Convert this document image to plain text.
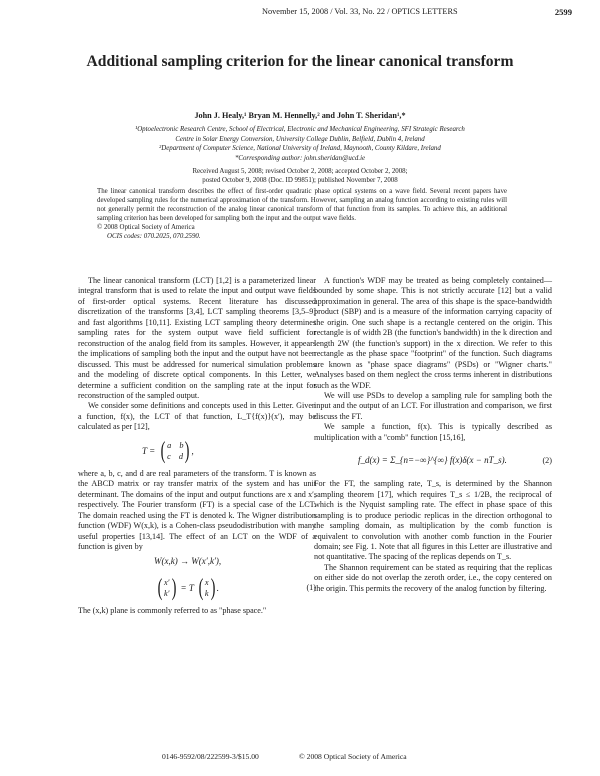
November 15, 2008 / Vol. 33, No. 22 / OPTICS LETTERS	2599
Additional sampling criterion for the linear canonical transform
John J. Healy,¹ Bryan M. Hennelly,² and John T. Sheridan¹,*
¹Optoelectronic Research Centre, School of Electrical, Electronic and Mechanical Engineering, SFI Strategic Research
Centre in Solar Energy Conversion, University College Dublin, Belfield, Dublin 4, Ireland
²Department of Computer Science, National University of Ireland, Maynooth, County Kildare, Ireland
*Corresponding author: john.sheridan@ucd.ie
Received August 5, 2008; revised October 2, 2008; accepted October 2, 2008;
posted October 9, 2008 (Doc. ID 99851); published November 7, 2008
The linear canonical transform describes the effect of first-order quadratic phase optical systems on a wave field. Several recent papers have developed sampling rules for the numerical approximation of the transform. However, sampling an analog function according to existing rules will not generally permit the reconstruction of the analog linear canonical transform of that function from its samples. To achieve this, an additional sampling criterion has been developed for sampling both the input and the output wave fields.
© 2008 Optical Society of America
OCIS codes: 070.2025, 070.2590.

The linear canonical transform (LCT) [1,2] is a parameterized linear integral transform that is used to relate the input and output wave fields of first-order optical systems. Recent literature has discussed discretization of the transforms [3,4], LCT sampling theorems [3,5–9] and fast algorithms [10,11]. Existing LCT sampling theory determines sampling rates for the system output wave field sufficient for reconstruction of the analog field from its samples. However, it appears the implications of sampling both the input and the output have not been discussed. This must be addressed for numerical simulation problems and the modeling of discrete optical components. In this Letter, we determine a sufficient condition on the sampling rate at the input for reconstruction of the sampled output.

We consider some definitions and concepts used in this Letter. Given a function, f(x), the LCT of that function, L_T{f(x)}(x′), may be calculated as per [12],

T = ( a b
c d ) ,

where a, b, c, and d are real parameters of the transform. T is known as the ABCD matrix or ray transfer matrix of the system and has unit determinant. The domains of the input and output functions are x and x′, respectively. The Fourier transform (FT) is a special case of the LCT. The domain reached using the FT is denoted k. The Wigner distribution function (WDF) W(x,k), is a Cohen-class pseudodistribution with many useful properties [13,14]. The effect of an LCT on the WDF of a function is given by

W(x,k) → W(x′,k′),
( x′
k′ ) = T ( x
k ) .	(1)

The (x,k) plane is commonly referred to as "phase space."

A function's WDF may be treated as being completely contained—bounded by some shape. This is not strictly accurate [12] but a valid approximation in general. The area of this shape is the space-bandwidth product (SBP) and is a measure of the information carrying capacity of the origin. One such shape is a rectangle centered on the origin. This rectangle is of width 2B (the function's bandwidth) in the k direction and length 2W (the function's support) in the x direction. We refer to this rectangle as the phase space "footprint" of the function. Such diagrams are known as "phase space diagrams" (PSDs) or "Wigner charts." Analyses based on them neglect the cross terms inherent in distributions such as the WDF.

We will use PSDs to develop a sampling rule for sampling both the input and the output of an LCT. For illustration and comparison, we first discuss the FT.

We sample a function, f(x). This is typically described as multiplication with a "comb" function [15,16],

f_d(x) = Σ_{n=−∞}^{∞} f(x)δ(x − nT_s).	(2)

For the FT, the sampling rate, T_s, is determined by the Shannon sampling theorem [17], which requires T_s ≤ 1/2B, the reciprocal of which is the Nyquist sampling rate. The effect in phase space of this sampling is to produce periodic replicas in the direction orthogonal to the sampling domain, as multiplication by the comb function is equivalent to convolution with another comb function in the Fourier domain; see Fig. 1. Note that all figures in this Letter are illustrative and not quantitative. The spacing of the replicas depends on T_s.

The Shannon requirement can be stated as requiring that the replicas on either side do not overlap the zeroth order, i.e., the copy centered on the origin. This permits the recovery of the analog function by filtering.

0146-9592/08/222599-3/$15.00	© 2008 Optical Society of America
